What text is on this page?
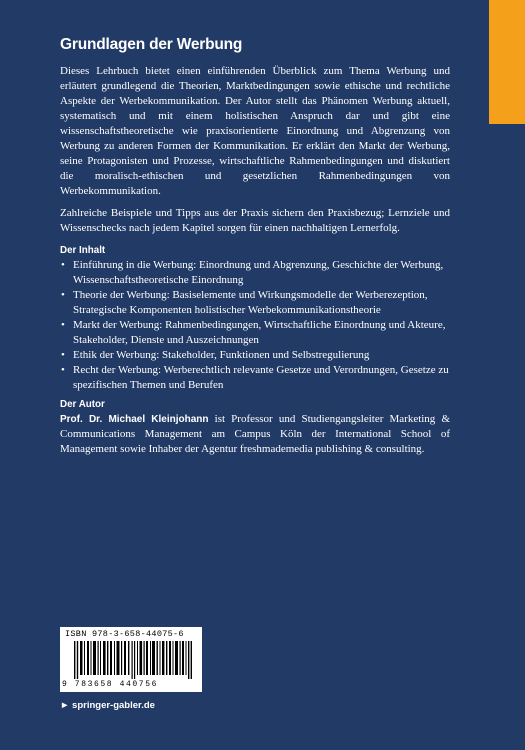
Grundlagen der Werbung

Dieses Lehrbuch bietet einen einführenden Überblick zum Thema Werbung und erläutert grundlegend die Theorien, Marktbedingungen sowie ethische und rechtliche Aspekte der Werbekommunikation. Der Autor stellt das Phänomen Werbung aktuell, systematisch und mit einem holistischen Anspruch dar und gibt eine wissenschaftstheoretische wie praxisorientierte Einordnung und Abgrenzung von Werbung zu anderen Formen der Kommunikation. Er erklärt den Markt der Werbung, seine Protagonisten und Prozesse, wirtschaftliche Rahmenbedingungen und diskutiert die moralisch-ethischen und gesetzlichen Rahmenbedingungen von Werbekommunikation.

Zahlreiche Beispiele und Tipps aus der Praxis sichern den Praxisbezug; Lernziele und Wissenschecks nach jedem Kapitel sorgen für einen nachhaltigen Lernerfolg.

Der Inhalt
• Einführung in die Werbung: Einordnung und Abgrenzung, Geschichte der Werbung, Wissenschaftstheoretische Einordnung
• Theorie der Werbung: Basiselemente und Wirkungsmodelle der Werberezeption, Strategische Komponenten holistischer Werbekommunikationstheorie
• Markt der Werbung: Rahmenbedingungen, Wirtschaftliche Einordnung und Akteure, Stakeholder, Dienste und Auszeichnungen
• Ethik der Werbung: Stakeholder, Funktionen und Selbstregulierung
• Recht der Werbung: Werberechtlich relevante Gesetze und Verordnungen, Gesetze zu spezifischen Themen und Berufen
Der Autor

Prof. Dr. Michael Kleinjohann ist Professor und Studiengangsleiter Marketing & Communications Management am Campus Köln der International School of Management sowie Inhaber der Agentur freshmademedia publishing & consulting.

ISBN 978-3-658-44075-6
9 783658 440756
► springer-gabler.de
